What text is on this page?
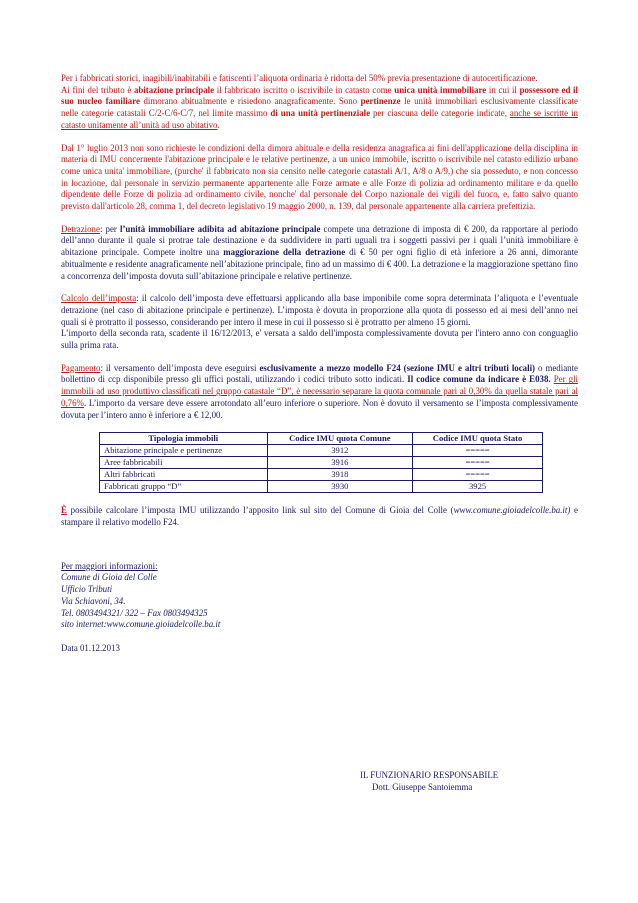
Per i fabbricati storici, inagibili/inabitabili e fatiscenti l’aliquota ordinaria è ridotta del 50% previa presentazione di autocertificazione.

Ai fini del tributo è abitazione principale il fabbricato iscritto o iscrivibile in catasto come unica unità immobiliare in cui il possessore ed il suo nucleo familiare dimorano abitualmente e risiedono anagraficamente. Sono pertinenze le unità immobiliari esclusivamente classificate nelle categorie catastali C/2-C/6-C/7, nel limite massimo di una unità pertinenziale per ciascuna delle categorie indicate, anche se iscritte in catasto unitamente all’unità ad uso abitativo.

Dal 1° luglio 2013 non sono richieste le condizioni della dimora abituale e della residenza anagrafica ai fini dell'applicazione della disciplina in materia di IMU concernente l'abitazione principale e le relative pertinenze, a un unico immobile, iscritto o iscrivibile nel catasto edilizio urbano come unica unita' immobiliare, (purche' il fabbricato non sia censito nelle categorie catastali A/1, A/8 o A/9,) che sia posseduto, e non concesso in locazione, dal personale in servizio permanente appartenente alle Forze armate e alle Forze di polizia ad ordinamento militare e da quello dipendente delle Forze di polizia ad ordinamento civile, nonche' dal personale del Corpo nazionale dei vigili del fuoco, e, fatto salvo quanto previsto dall'articolo 28, comma 1, del decreto legislativo 19 maggio 2000, n. 139, dal personale appartenente alla carriera prefettizia.

Detrazione: per l’unità immobiliare adibita ad abitazione principale compete una detrazione di imposta di € 200, da rapportare al periodo dell’anno durante il quale si protrae tale destinazione e da suddividere in parti uguali tra i soggetti passivi per i quali l’unità immobiliare è abitazione principale. Compete inoltre una maggiorazione della detrazione di € 50 per ogni figlio di età inferiore a 26 anni, dimorante abitualmente e residente anagraficamente nell’abitazione principale, fino ad un massimo di € 400. La detrazione e la maggiorazione spettano fino a concorrenza dell’imposta dovuta sull’abitazione principale e relative pertinenze.

Calcolo dell’imposta: il calcolo dell’imposta deve effettuarsi applicando alla base imponibile come sopra determinata l’aliquota e l’eventuale detrazione (nel caso di abitazione principale e pertinenze). L’imposta è dovuta in proporzione alla quota di possesso ed ai mesi dell’anno nei quali si è protratto il possesso, considerando per intero il mese in cui il possesso si è protratto per almeno 15 giorni.

L’importo della seconda rata, scadente il 16/12/2013, e' versata a saldo dell'imposta complessivamente dovuta per l'intero anno con conguaglio sulla prima rata.

Pagamento: il versamento dell’imposta deve eseguirsi esclusivamente a mezzo modello F24 (sezione IMU e altri tributi locali) o mediante bollettino di ccp disponibile presso gli uffici postali, utilizzando i codici tributo sotto indicati. Il codice comune da indicare è E038. Per gli immobili ad uso produttivo classificati nel gruppo catastale “D”, è necessario separare la quota comunale pari al 0,30% da quella statale pari al 0,76%. L’importo da versare deve essere arrotondato all’euro inferiore o superiore. Non è dovuto il versamento se l’imposta complessivamente dovuta per l’intero anno è inferiore a € 12,00.

Tipologia immobili	Codice IMU quota Comune	Codice IMU quota Stato
Abitazione principale e pertinenze	3912	=====
Aree fabbricabili	3916	=====
Altri fabbricati	3918	=====
Fabbricati gruppo “D”	3930	3925

È possibile calcolare l’imposta IMU utilizzando l’apposito link sul sito del Comune di Gioia del Colle (www.comune.gioiadelcolle.ba.it) e stampare il relativo modello F24.

Per maggiori informazioni:

Comune di Gioia del Colle

Ufficio Tributi

Via Schiavoni, 34.

Tel. 0803494321/ 322 – Fax 0803494325

sito internet:www.comune.gioiadelcolle.ba.it

Data 01.12.2013

IL FUNZIONARIO RESPONSABILE
Dott. Giuseppe Santoiemma
